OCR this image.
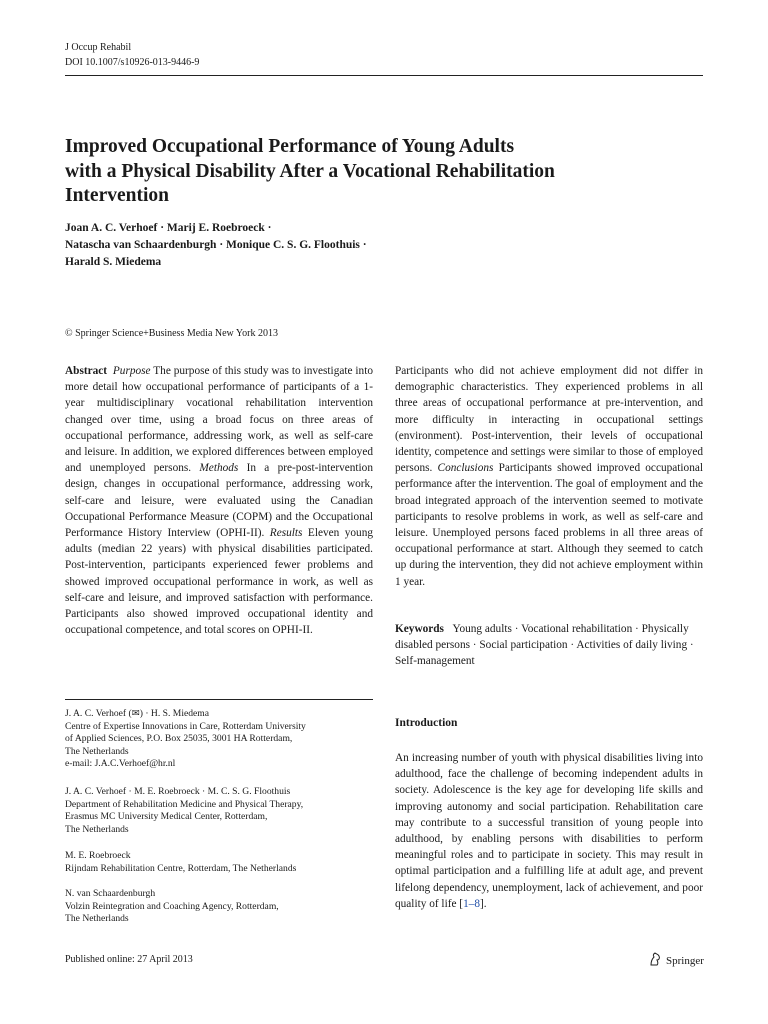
J Occup Rehabil
DOI 10.1007/s10926-013-9446-9
Improved Occupational Performance of Young Adults
with a Physical Disability After a Vocational Rehabilitation
Intervention
Joan A. C. Verhoef · Marij E. Roebroeck ·
Natascha van Schaardenburgh · Monique C. S. G. Floothuis ·
Harald S. Miedema
© Springer Science+Business Media New York 2013

Abstract Purpose The purpose of this study was to investigate into more detail how occupational performance of participants of a 1-year multidisciplinary vocational rehabilitation intervention changed over time, using a broad focus on three areas of occupational performance, addressing work, as well as self-care and leisure. In addition, we explored differences between employed and unemployed persons. Methods In a pre-post-intervention design, changes in occupational performance, addressing work, self-care and leisure, were evaluated using the Canadian Occupational Performance Measure (COPM) and the Occupational Performance History Interview (OPHI-II). Results Eleven young adults (median 22 years) with physical disabilities participated. Post-intervention, participants experienced fewer problems and showed improved occupational performance in work, as well as self-care and leisure, and improved satisfaction with performance. Participants also showed improved occupational identity and occupational competence, and total scores on OPHI-II.

Participants who did not achieve employment did not differ in demographic characteristics. They experienced problems in all three areas of occupational performance at pre-intervention, and more difficulty in interacting in occupational settings (environment). Post-intervention, their levels of occupational identity, competence and settings were similar to those of employed persons. Conclusions Participants showed improved occupational performance after the intervention. The goal of employment and the broad integrated approach of the intervention seemed to motivate participants to resolve problems in work, as well as self-care and leisure. Unemployed persons faced problems in all three areas of occupational performance at start. Although they seemed to catch up during the intervention, they did not achieve employment within 1 year.

Keywords Young adults · Vocational rehabilitation · Physically disabled persons · Social participation · Activities of daily living · Self-management

J. A. C. Verhoef (✉) · H. S. Miedema
Centre of Expertise Innovations in Care, Rotterdam University
of Applied Sciences, P.O. Box 25035, 3001 HA Rotterdam,
The Netherlands
e-mail: J.A.C.Verhoef@hr.nl

J. A. C. Verhoef · M. E. Roebroeck · M. C. S. G. Floothuis
Department of Rehabilitation Medicine and Physical Therapy,
Erasmus MC University Medical Center, Rotterdam,
The Netherlands

M. E. Roebroeck
Rijndam Rehabilitation Centre, Rotterdam, The Netherlands

N. van Schaardenburgh
Volzin Reintegration and Coaching Agency, Rotterdam,
The Netherlands

Introduction

An increasing number of youth with physical disabilities living into adulthood, face the challenge of becoming independent adults in society. Adolescence is the key age for developing life skills and improving autonomy and social participation. Rehabilitation care may contribute to a successful transition of young people into adulthood, by enabling persons with disabilities to perform meaningful roles and to participate in society. This may result in optimal participation and a fulfilling life at adult age, and prevent lifelong dependency, unemployment, lack of achievement, and poor quality of life [1–8].

Published online: 27 April 2013	Springer
